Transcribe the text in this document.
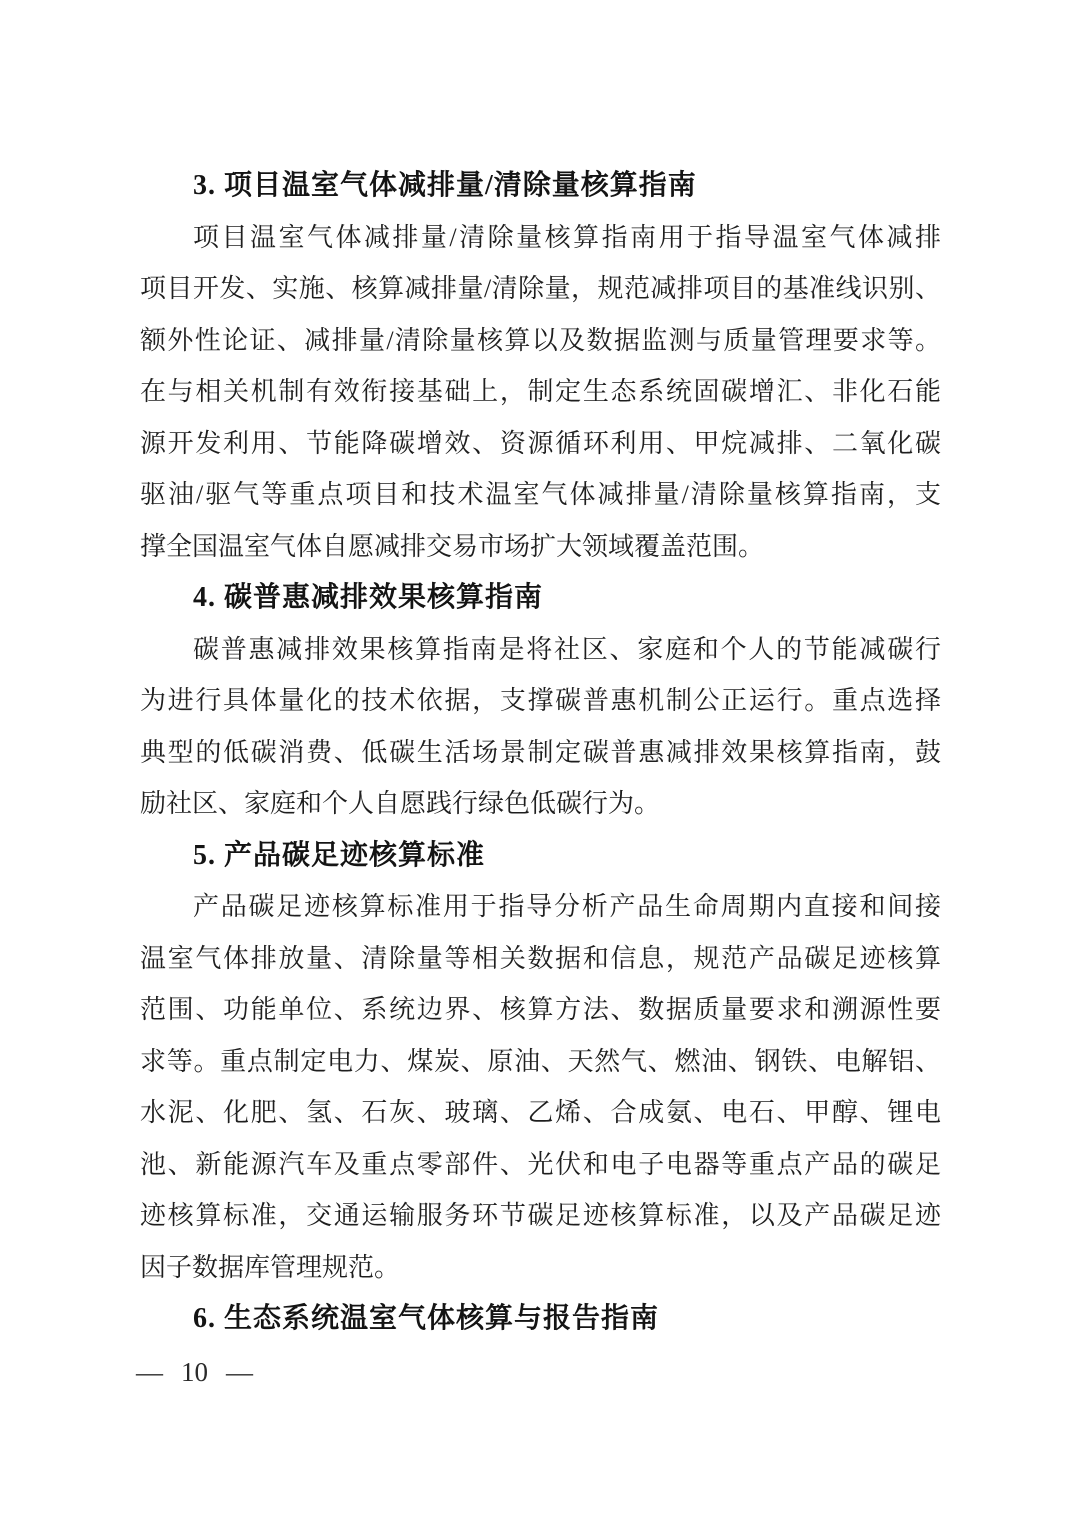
3. 项目温室气体减排量/清除量核算指南
项目温室气体减排量/清除量核算指南用于指导温室气体减排
项目开发、实施、核算减排量/清除量，规范减排项目的基准线识别、
额外性论证、减排量/清除量核算以及数据监测与质量管理要求等。
在与相关机制有效衔接基础上，制定生态系统固碳增汇、非化石能
源开发利用、节能降碳增效、资源循环利用、甲烷减排、二氧化碳
驱油/驱气等重点项目和技术温室气体减排量/清除量核算指南，支
撑全国温室气体自愿减排交易市场扩大领域覆盖范围。
4. 碳普惠减排效果核算指南
碳普惠减排效果核算指南是将社区、家庭和个人的节能减碳行
为进行具体量化的技术依据，支撑碳普惠机制公正运行。重点选择
典型的低碳消费、低碳生活场景制定碳普惠减排效果核算指南，鼓
励社区、家庭和个人自愿践行绿色低碳行为。
5. 产品碳足迹核算标准
产品碳足迹核算标准用于指导分析产品生命周期内直接和间接
温室气体排放量、清除量等相关数据和信息，规范产品碳足迹核算
范围、功能单位、系统边界、核算方法、数据质量要求和溯源性要
求等。重点制定电力、煤炭、原油、天然气、燃油、钢铁、电解铝、
水泥、化肥、氢、石灰、玻璃、乙烯、合成氨、电石、甲醇、锂电
池、新能源汽车及重点零部件、光伏和电子电器等重点产品的碳足
迹核算标准，交通运输服务环节碳足迹核算标准，以及产品碳足迹
因子数据库管理规范。
6. 生态系统温室气体核算与报告指南
— 10 —
